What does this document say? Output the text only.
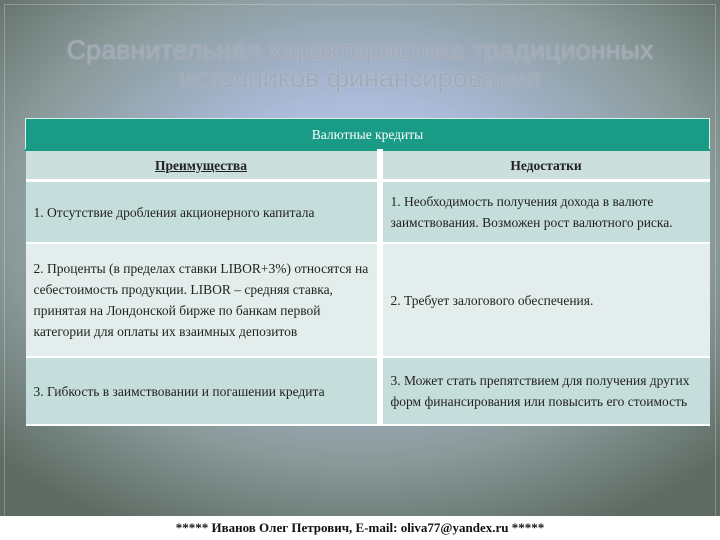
Сравнительная характеристика традиционных
источников финансирования
Валютные кредиты	
Преимущества	Недостатки
1. Отсутствие дробления акционерного капитала	1. Необходимость получения дохода в валюте заимствования. Возможен рост валютного риска.
2. Проценты (в пределах ставки LIBOR+3%) относятся на себестоимость продукции. LIBOR – средняя ставка, принятая на Лондонской бирже по банкам первой категории для оплаты их взаимных депозитов	2. Требует залогового обеспечения.
3. Гибкость в заимствовании и погашении кредита	3. Может стать препятствием для получения других форм финансирования или повысить его стоимость
***** Иванов Олег Петрович, E-mail: oliva77@yandex.ru *****
